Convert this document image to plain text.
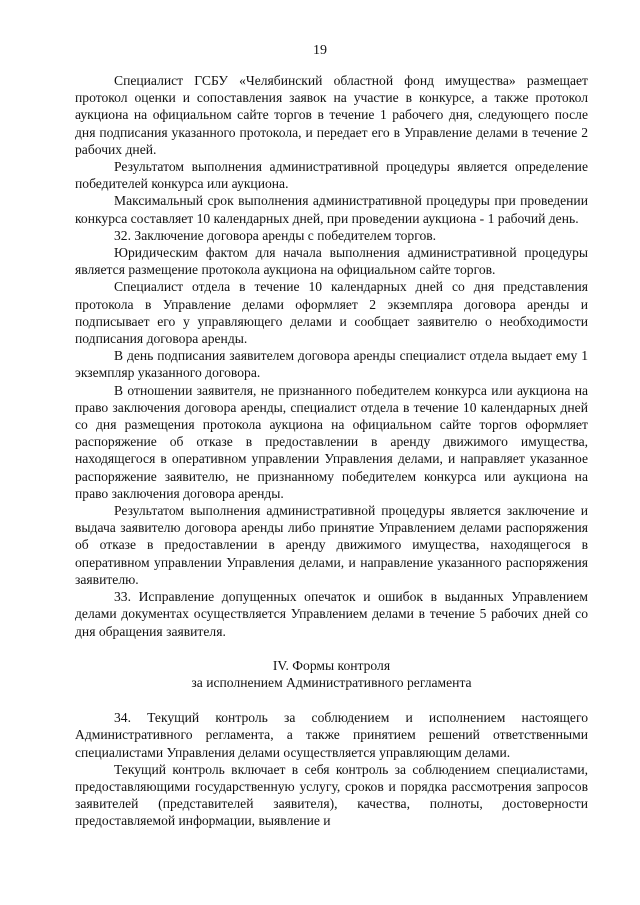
19

Специалист ГСБУ «Челябинский областной фонд имущества» размещает протокол оценки и сопоставления заявок на участие в конкурсе, а также протокол аукциона на официальном сайте торгов в течение 1 рабочего дня, следующего после дня подписания указанного протокола, и передает его в Управление делами в течение 2 рабочих дней.

Результатом выполнения административной процедуры является определение победителей конкурса или аукциона.

Максимальный срок выполнения административной процедуры при проведении конкурса составляет 10 календарных дней, при проведении аукциона - 1 рабочий день.

32. Заключение договора аренды с победителем торгов.

Юридическим фактом для начала выполнения административной процедуры является размещение протокола аукциона на официальном сайте торгов.

Специалист отдела в течение 10 календарных дней со дня представления протокола в Управление делами оформляет 2 экземпляра договора аренды и подписывает его у управляющего делами и сообщает заявителю о необходимости подписания договора аренды.

В день подписания заявителем договора аренды специалист отдела выдает ему 1 экземпляр указанного договора.

В отношении заявителя, не признанного победителем конкурса или аукциона на право заключения договора аренды, специалист отдела в течение 10 календарных дней со дня размещения протокола аукциона на официальном сайте торгов оформляет распоряжение об отказе в предоставлении в аренду движимого имущества, находящегося в оперативном управлении Управления делами, и направляет указанное распоряжение заявителю, не признанному победителем конкурса или аукциона на право заключения договора аренды.

Результатом выполнения административной процедуры является заключение и выдача заявителю договора аренды либо принятие Управлением делами распоряжения об отказе в предоставлении в аренду движимого имущества, находящегося в оперативном управлении Управления делами, и направление указанного распоряжения заявителю.

33. Исправление допущенных опечаток и ошибок в выданных Управлением делами документах осуществляется Управлением делами в течение 5 рабочих дней со дня обращения заявителя.

IV. Формы контроля

за исполнением Административного регламента

34. Текущий контроль за соблюдением и исполнением настоящего Административного регламента, а также принятием решений ответственными специалистами Управления делами осуществляется управляющим делами.

Текущий контроль включает в себя контроль за соблюдением специалистами, предоставляющими государственную услугу, сроков и порядка рассмотрения запросов заявителей (представителей заявителя), качества, полноты, достоверности предоставляемой информации, выявление и
